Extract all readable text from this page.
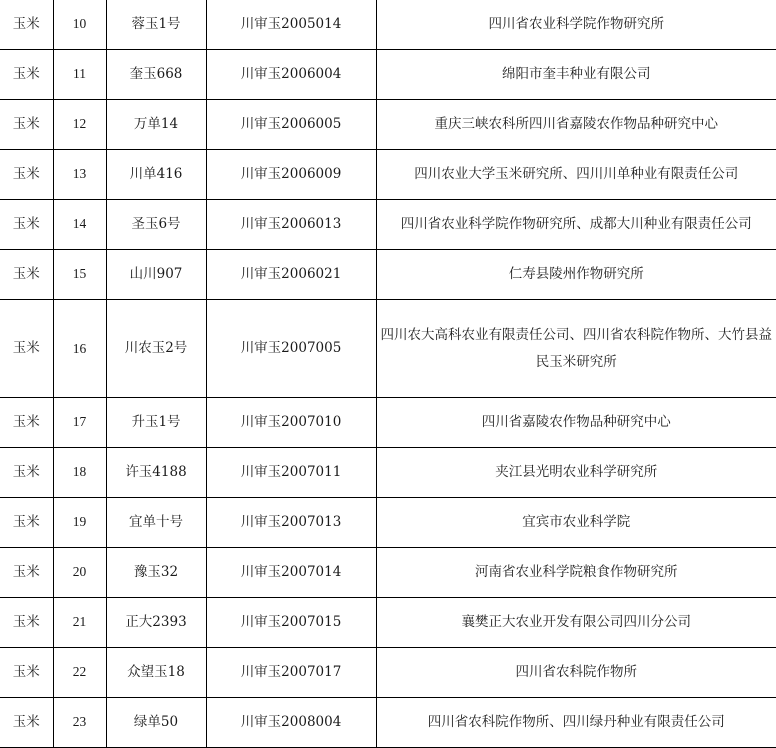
玉米	10	蓉玉1号	川审玉2005014	四川省农业科学院作物研究所
玉米	11	奎玉668	川审玉2006004	绵阳市奎丰种业有限公司
玉米	12	万单14	川审玉2006005	重庆三峡农科所四川省嘉陵农作物品种研究中心
玉米	13	川单416	川审玉2006009	四川农业大学玉米研究所、四川川单种业有限责任公司
玉米	14	圣玉6号	川审玉2006013	四川省农业科学院作物研究所、成都大川种业有限责任公司
玉米	15	山川907	川审玉2006021	仁寿县陵州作物研究所
玉米	16	川农玉2号	川审玉2007005	四川农大高科农业有限责任公司、四川省农科院作物所、大竹县益民玉米研究所
玉米	17	升玉1号	川审玉2007010	四川省嘉陵农作物品种研究中心
玉米	18	许玉4188	川审玉2007011	夹江县光明农业科学研究所
玉米	19	宜单十号	川审玉2007013	宜宾市农业科学院
玉米	20	豫玉32	川审玉2007014	河南省农业科学院粮食作物研究所
玉米	21	正大2393	川审玉2007015	襄樊正大农业开发有限公司四川分公司
玉米	22	众望玉18	川审玉2007017	四川省农科院作物所
玉米	23	绿单50	川审玉2008004	四川省农科院作物所、四川绿丹种业有限责任公司
